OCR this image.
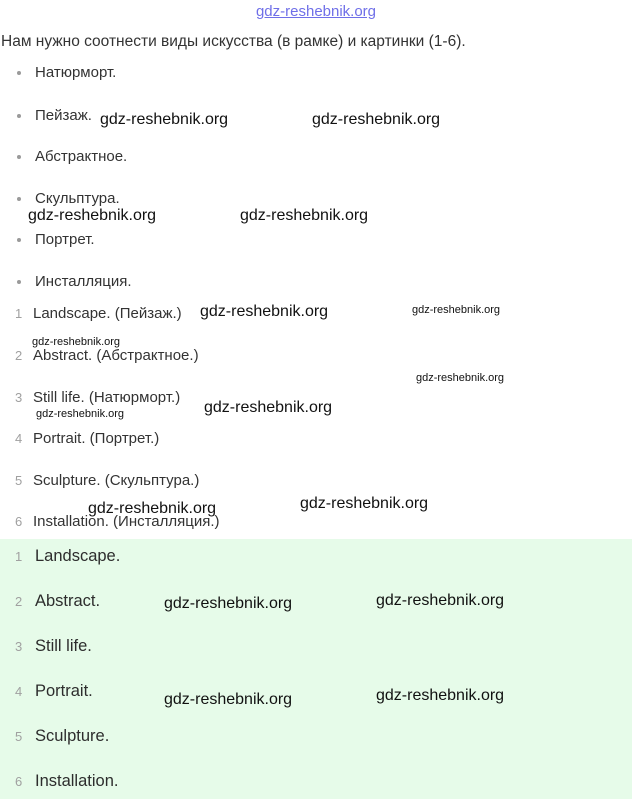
gdz-reshebnik.org
Нам нужно соотнести виды искусства (в рамке) и картинки (1-6).
Натюрморт.
Пейзаж.
Абстрактное.
Скульптура.
Портрет.
Инсталляция.
1 Landscape. (Пейзаж.)
2 Abstract. (Абстрактное.)
3 Still life. (Натюрморт.)
4 Portrait. (Портрет.)
5 Sculpture. (Скульптура.)
6 Installation. (Инсталляция.)
1 Landscape.
2 Abstract.
3 Still life.
4 Portrait.
5 Sculpture.
6 Installation.
gdz-reshebnik.org	gdz-reshebnik.org
gdz-reshebnik.org	gdz-reshebnik.org
gdz-reshebnik.org	gdz-reshebnik.org
gdz-reshebnik.org
gdz-reshebnik.org
gdz-reshebnik.org
gdz-reshebnik.org
gdz-reshebnik.org
gdz-reshebnik.org
gdz-reshebnik.org
gdz-reshebnik.org
gdz-reshebnik.org
gdz-reshebnik.org
